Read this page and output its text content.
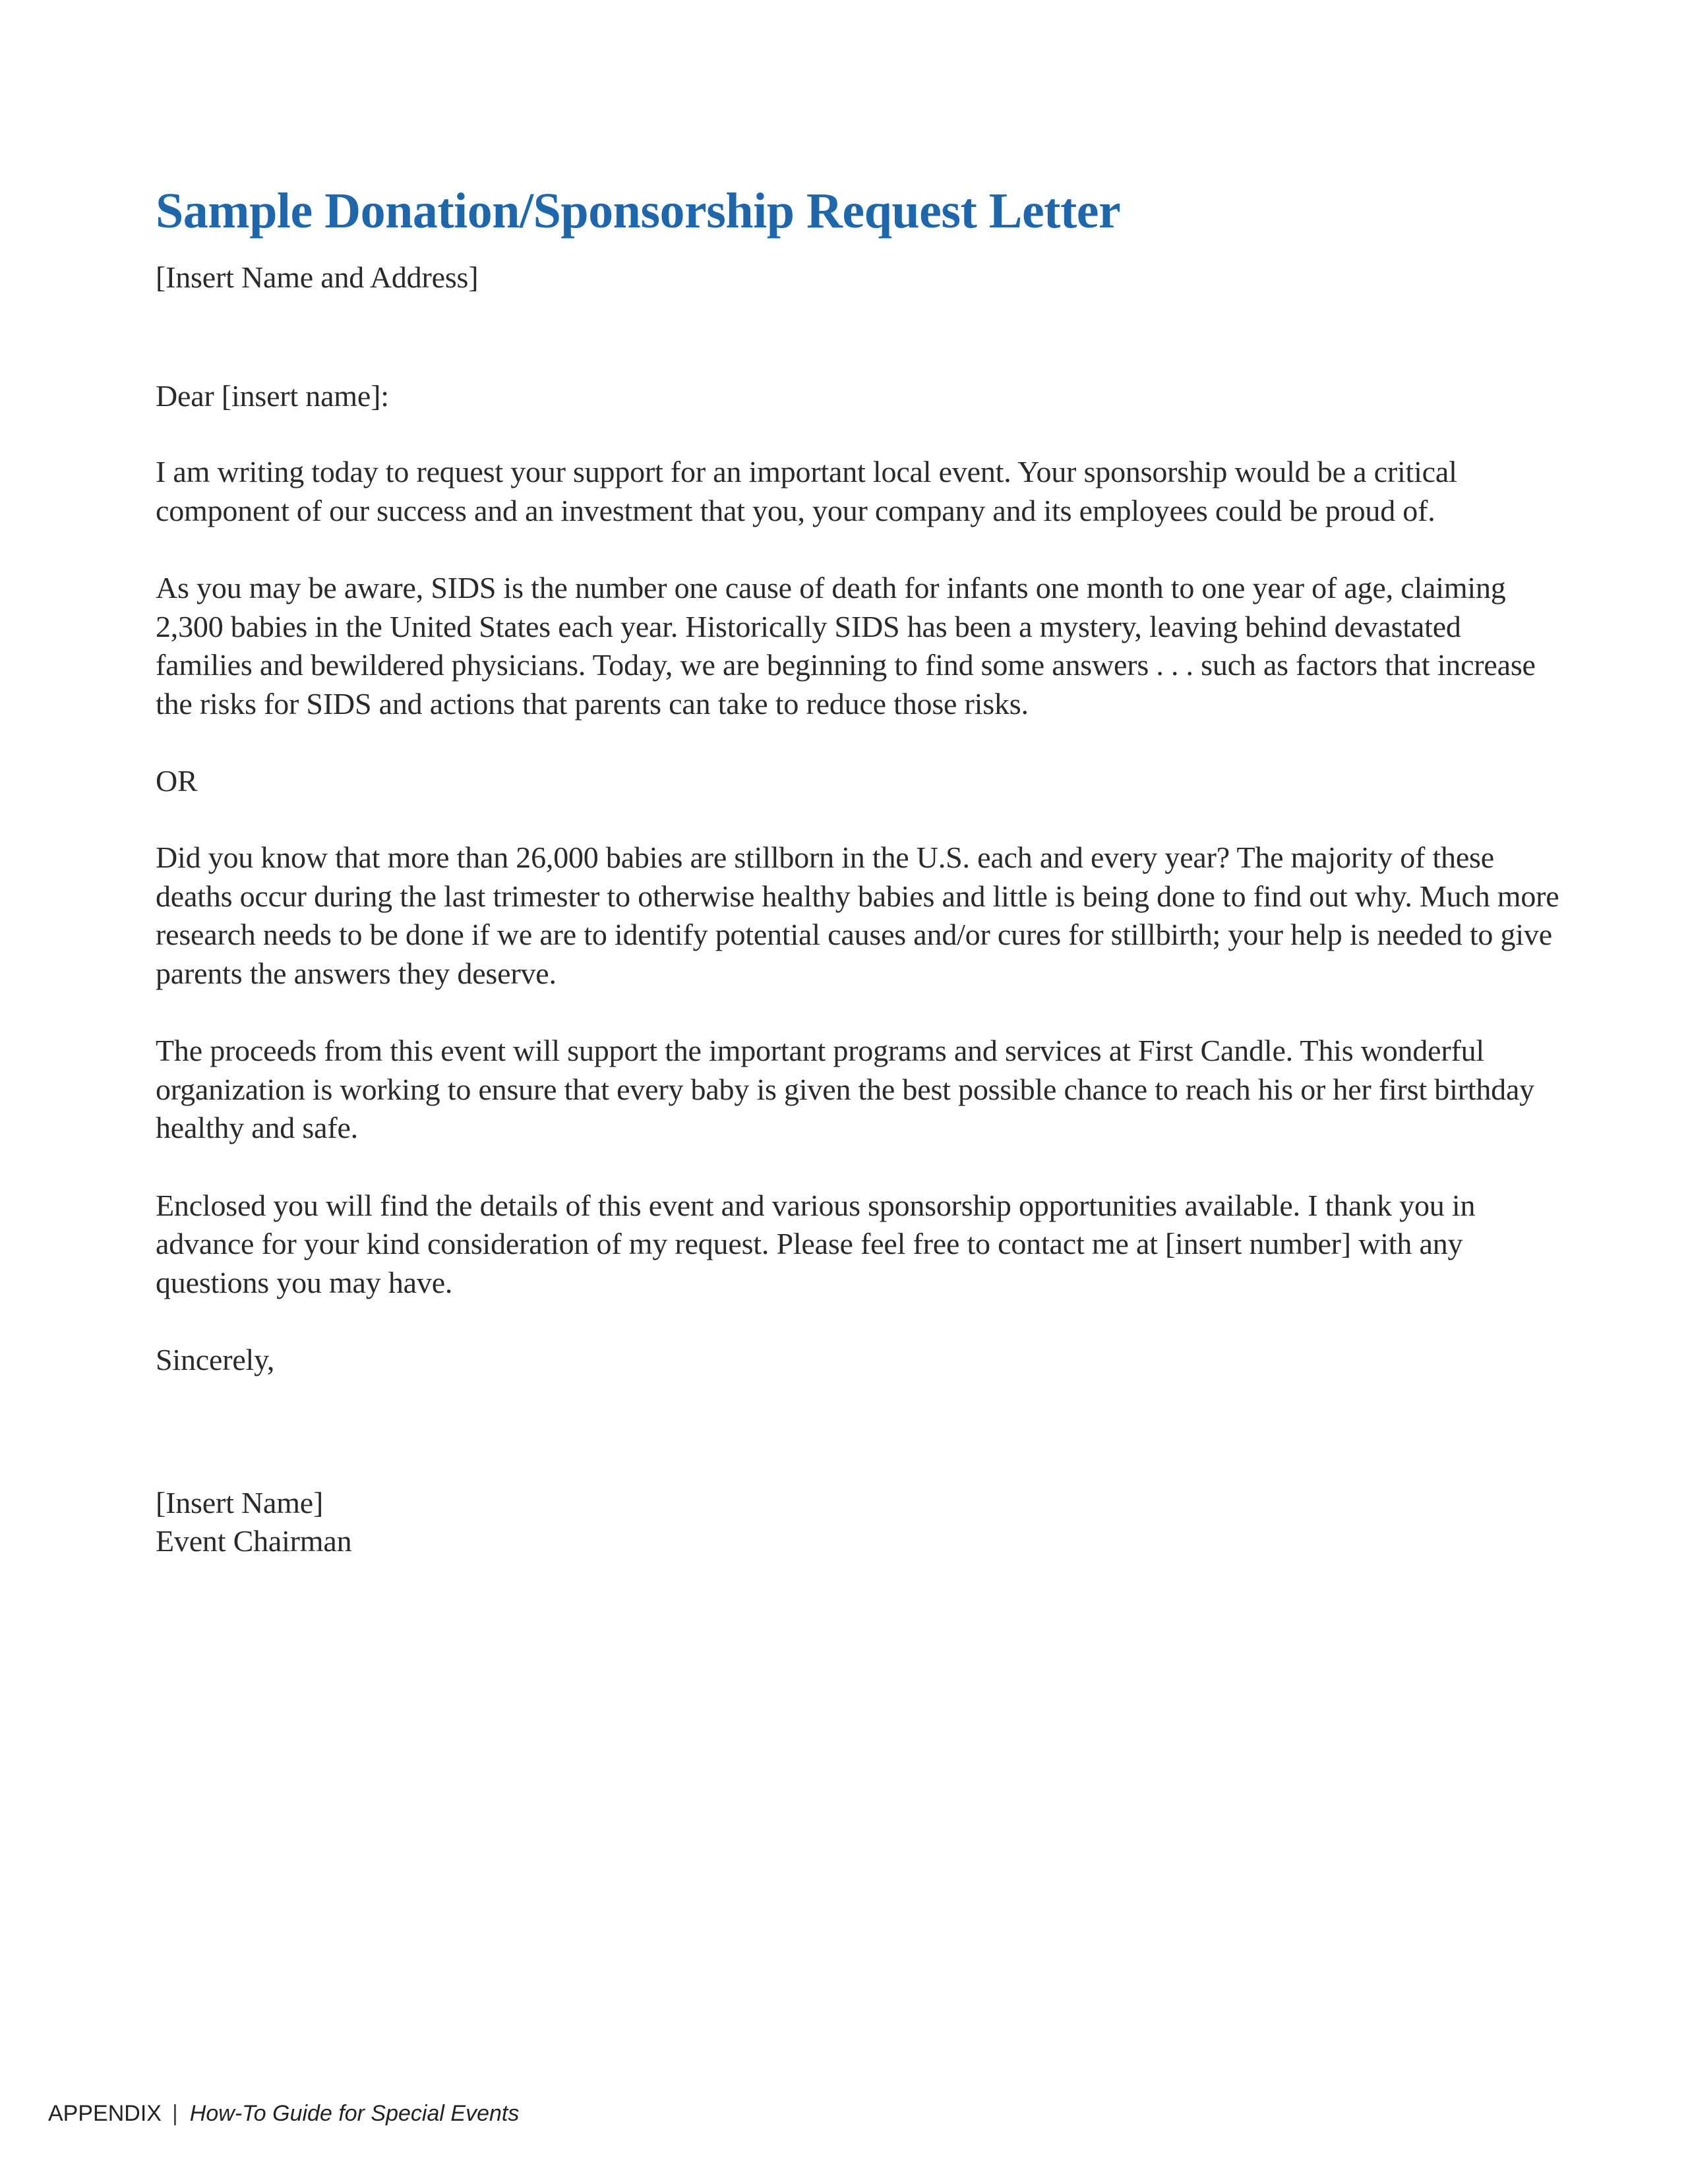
Sample Donation/Sponsorship Request Letter

[Insert Name and Address]

Dear [insert name]:

I am writing today to request your support for an important local event. Your sponsorship would be a critical component of our success and an investment that you, your company and its employees could be proud of.

As you may be aware, SIDS is the number one cause of death for infants one month to one year of age, claiming 2,300 babies in the United States each year. Historically SIDS has been a mystery, leaving behind devastated families and bewildered physicians. Today, we are beginning to find some answers . . . such as factors that increase the risks for SIDS and actions that parents can take to reduce those risks.

OR

Did you know that more than 26,000 babies are stillborn in the U.S. each and every year? The majority of these deaths occur during the last trimester to otherwise healthy babies and little is being done to find out why. Much more research needs to be done if we are to identify potential causes and/or cures for stillbirth; your help is needed to give parents the answers they deserve.

The proceeds from this event will support the important programs and services at First Candle. This wonderful organization is working to ensure that every baby is given the best possible chance to reach his or her first birthday healthy and safe.

Enclosed you will find the details of this event and various sponsorship opportunities available. I thank you in advance for your kind consideration of my request. Please feel free to contact me at [insert number] with any questions you may have.

Sincerely,

[Insert Name]

Event Chairman

APPENDIX | How-To Guide for Special Events
